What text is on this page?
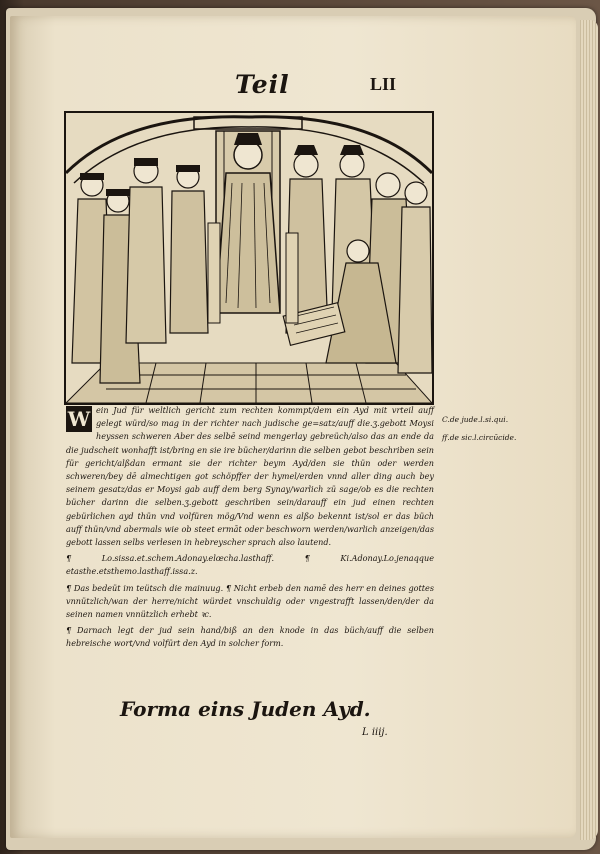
Teil	LII

W ein Jud für weltlich gericht zum rechten kommpt/dem ein Ayd mit vrteil auff gelegt würd/so mag in der richter nach judische ge=satz/auff die.ʒ.gebott Moysi heyssen schweren Aber des selbē seind mengerlay gebreüch/also das an ende da die judscheit wonhafft ist/bring en sie ire bücher/darinn die selben gebot beschriben sein für gericht/alßdan ermant sie der richter beym Ayd/den sie thün oder werden schweren/bey dē almechtigen got schöpffer der hymel/erden vnnd aller ding auch bey seinem gesatz/das er Moysi gab auff dem berg Synay/warlich zü sage/ob es die rechten bücher darinn die selben.ʒ.gebott geschriben sein/darauff ein jud einen rechten gebürlichen ayd thün vnd volfüren mög/Vnd wenn es alßo bekennt ist/sol er das büch auff thün/vnd abermals wie ob steet ermāt oder beschworn werden/warlich anzeigen/das gebott lassen selbs verlesen in hebreyscher sprach also lautend.

¶ Lo.sissa.et.schem.Adonay.elœcha.lasthaff. ¶ Ki.Adonay.Lo.jenaqque etasthe.etsthemo.lasthaff.issa.z.

¶ Das bedeüt im teütsch die mainuug. ¶ Nicht erbeb den namē des herr en deines gottes vnnützlich/wan der herre/nicht würdet vnschuldig oder vngestrafft lassen/den/der da seinen namen vnnützlich erhebt ꝛc.

¶ Darnach legt der jud sein hand/biß an den knode in das büch/auff die selben hebreische wort/vnd volfürt den Ayd in solcher form.

C.de jude.l.si.qui.
ff.de sic.l.circūcide.
Forma eins Juden Ayd.
L iiij.
